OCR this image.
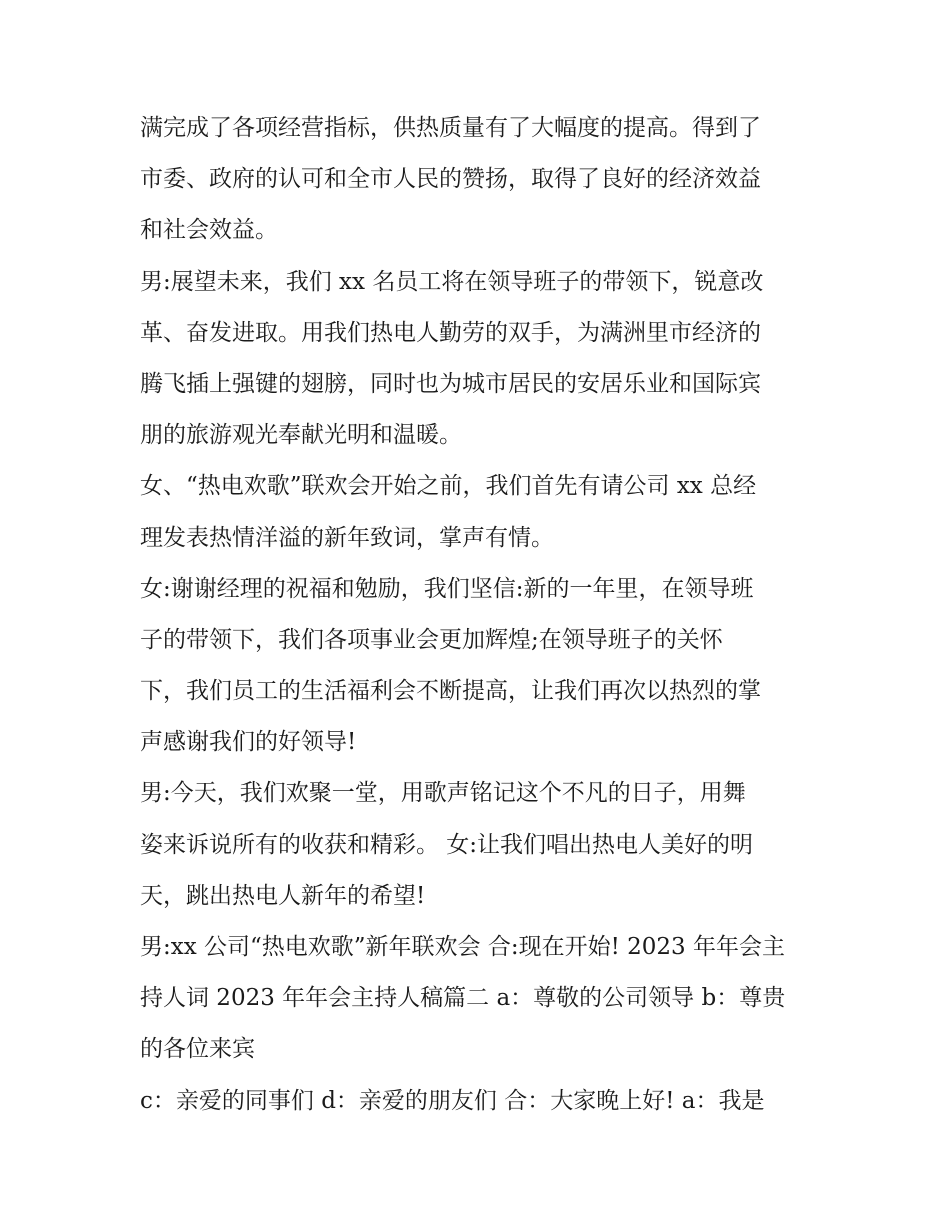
满完成了各项经营指标，供热质量有了大幅度的提高。得到了
市委、政府的认可和全市人民的赞扬，取得了良好的经济效益
和社会效益。
男:展望未来，我们 xx 名员工将在领导班子的带领下，锐意改
革、奋发进取。用我们热电人勤劳的双手，为满洲里市经济的
腾飞插上强键的翅膀，同时也为城市居民的安居乐业和国际宾
朋的旅游观光奉献光明和温暖。
女、“热电欢歌”联欢会开始之前，我们首先有请公司 xx 总经
理发表热情洋溢的新年致词，掌声有情。
女:谢谢经理的祝福和勉励，我们坚信:新的一年里，在领导班
子的带领下，我们各项事业会更加辉煌;在领导班子的关怀
下，我们员工的生活福利会不断提高，让我们再次以热烈的掌
声感谢我们的好领导!
男:今天，我们欢聚一堂，用歌声铭记这个不凡的日子，用舞
姿来诉说所有的收获和精彩。 女:让我们唱出热电人美好的明
天，跳出热电人新年的希望!
男:xx 公司“热电欢歌”新年联欢会 合:现在开始! 2023 年年会主
持人词 2023 年年会主持人稿篇二 a：尊敬的公司领导 b：尊贵
的各位来宾
c：亲爱的同事们 d：亲爱的朋友们 合：大家晚上好! a：我是
